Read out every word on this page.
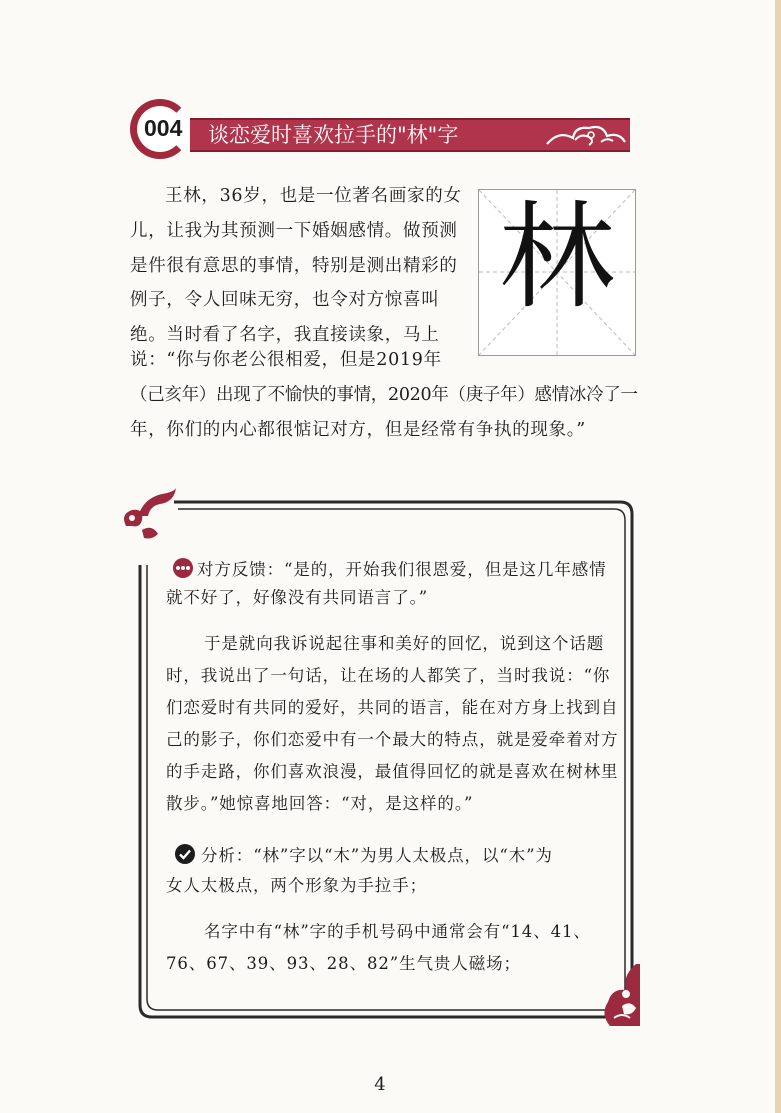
004 谈恋爱时喜欢拉手的"林"字
王林，36岁，也是一位著名画家的女
儿，让我为其预测一下婚姻感情。做预测
是件很有意思的事情，特别是测出精彩的
例子，令人回味无穷，也令对方惊喜叫
绝。当时看了名字，我直接读象，马上
说：“你与你老公很相爱，但是2019年
（己亥年）出现了不愉快的事情，2020年（庚子年）感情冰冷了一
年，你们的内心都很惦记对方，但是经常有争执的现象。”
林
对方反馈：“是的，开始我们很恩爱，但是这几年感情
就不好了，好像没有共同语言了。”
于是就向我诉说起往事和美好的回忆，说到这个话题
时，我说出了一句话，让在场的人都笑了，当时我说：“你
们恋爱时有共同的爱好，共同的语言，能在对方身上找到自
己的影子，你们恋爱中有一个最大的特点，就是爱牵着对方
的手走路，你们喜欢浪漫，最值得回忆的就是喜欢在树林里
散步。”她惊喜地回答：“对，是这样的。”
分析：“林”字以“木”为男人太极点，以“木”为
女人太极点，两个形象为手拉手；
名字中有“林”字的手机号码中通常会有“14、41、
76、67、39、93、28、82”生气贵人磁场；
4
